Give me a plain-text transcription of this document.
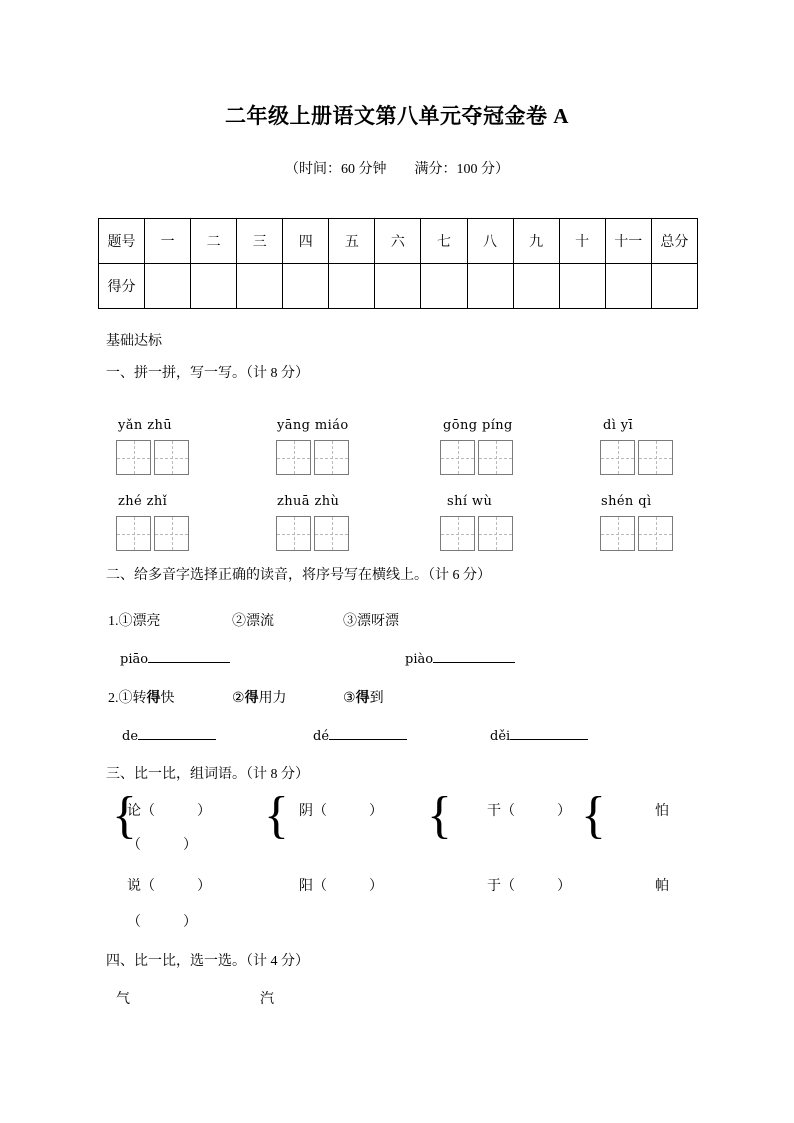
二年级上册语文第八单元夺冠金卷 A
（时间：60 分钟　　满分：100 分）
题号	一	二	三	四	五	六	七	八	九	十	十一	总分
得分												
基础达标
一、拼一拼，写一写。（计 8 分）
yǎn zhū	yāng miáo	gōng píng	dì yī
zhé zhǐ	zhuā zhù	shí wù	shén qì
二、给多音字选择正确的读音，将序号写在横线上。（计 6 分）
1.①漂亮	②漂流	③漂呀漂
piāo	piào
2.①转得快	②得用力	③得到
de	dé	děi
三、比一比，组词语。（计 8 分）
{
论（　　　）
（　　　）
说（　　　）
（　　　）
{ 阴（　　　）
阳（　　　）
{	干（　　　）
于（　　　）
{	怕
帕
四、比一比，选一选。（计 4 分）
气	汽
